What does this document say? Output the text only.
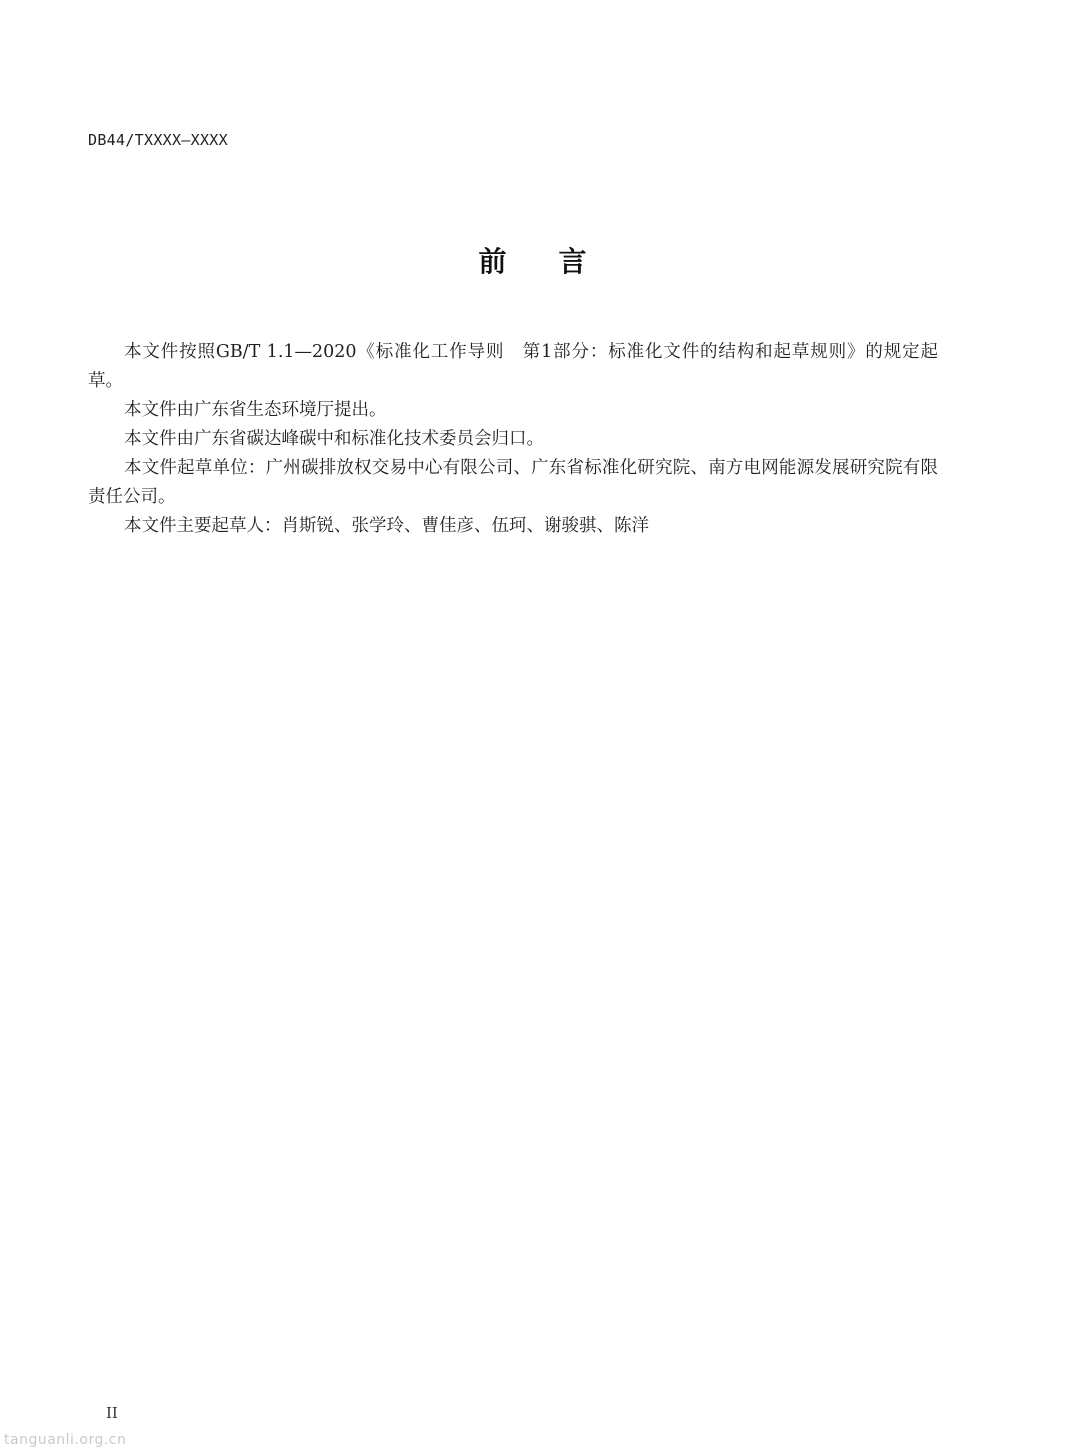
DB44/TXXXX—XXXX
前 言

本文件按照GB/T 1.1—2020《标准化工作导则　第1部分：标准化文件的结构和起草规则》的规定起草。

本文件由广东省生态环境厅提出。

本文件由广东省碳达峰碳中和标准化技术委员会归口。

本文件起草单位：广州碳排放权交易中心有限公司、广东省标准化研究院、南方电网能源发展研究院有限责任公司。

本文件主要起草人：肖斯锐、张学玲、曹佳彦、伍珂、谢骏骐、陈洋

II
tanguanli.org.cn
